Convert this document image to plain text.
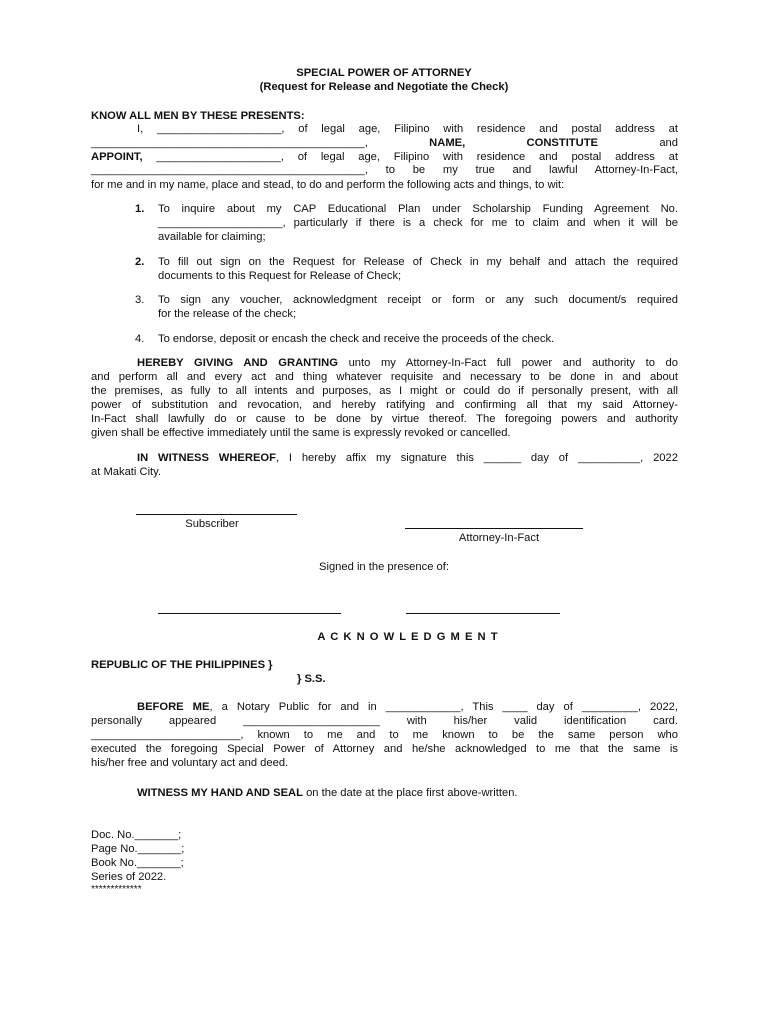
SPECIAL POWER OF ATTORNEY
(Request for Release and Negotiate the Check)
KNOW ALL MEN BY THESE PRESENTS:
I, ____________________, of legal age, Filipino with residence and postal address at
____________________________________________,	NAME,	CONSTITUTE	and
APPOINT, ____________________, of legal age, Filipino with residence and postal address at
____________________________________________, to be my true and lawful Attorney-In-Fact,
for me and in my name, place and stead, to do and perform the following acts and things, to wit:
1. To inquire about my CAP Educational Plan under Scholarship Funding Agreement No.
____________________, particularly if there is a check for me to claim and when it will be
available for claiming;
2. To fill out sign on the Request for Release of Check in my behalf and attach the required
documents to this Request for Release of Check;
3. To sign any voucher, acknowledgment receipt or form or any such document/s required
for the release of the check;
4. To endorse, deposit or encash the check and receive the proceeds of the check.
HEREBY GIVING AND GRANTING unto my Attorney-In-Fact full power and authority to do
and perform all and every act and thing whatever requisite and necessary to be done in and about
the premises, as fully to all intents and purposes, as I might or could do if personally present, with all
power of substitution and revocation, and hereby ratifying and confirming all that my said Attorney-
In-Fact shall lawfully do or cause to be done by virtue thereof. The foregoing powers and authority
given shall be effective immediately until the same is expressly revoked or cancelled.
IN WITNESS WHEREOF, I hereby affix my signature this ______ day of __________, 2022
at Makati City.
Subscriber
Attorney-In-Fact
Signed in the presence of:
A C K N O W L E D G M E N T
REPUBLIC OF THE PHILIPPINES }
} S.S.
BEFORE ME, a Notary Public for and in ____________, This ____ day of _________, 2022,
personally appeared ______________________ with his/her valid identification card.
________________________, known to me and to me known to be the same person who
executed the foregoing Special Power of Attorney and he/she acknowledged to me that the same is
his/her free and voluntary act and deed.
WITNESS MY HAND AND SEAL on the date at the place first above-written.
Doc. No._______;
Page No._______;
Book No._______;
Series of 2022.
*************
